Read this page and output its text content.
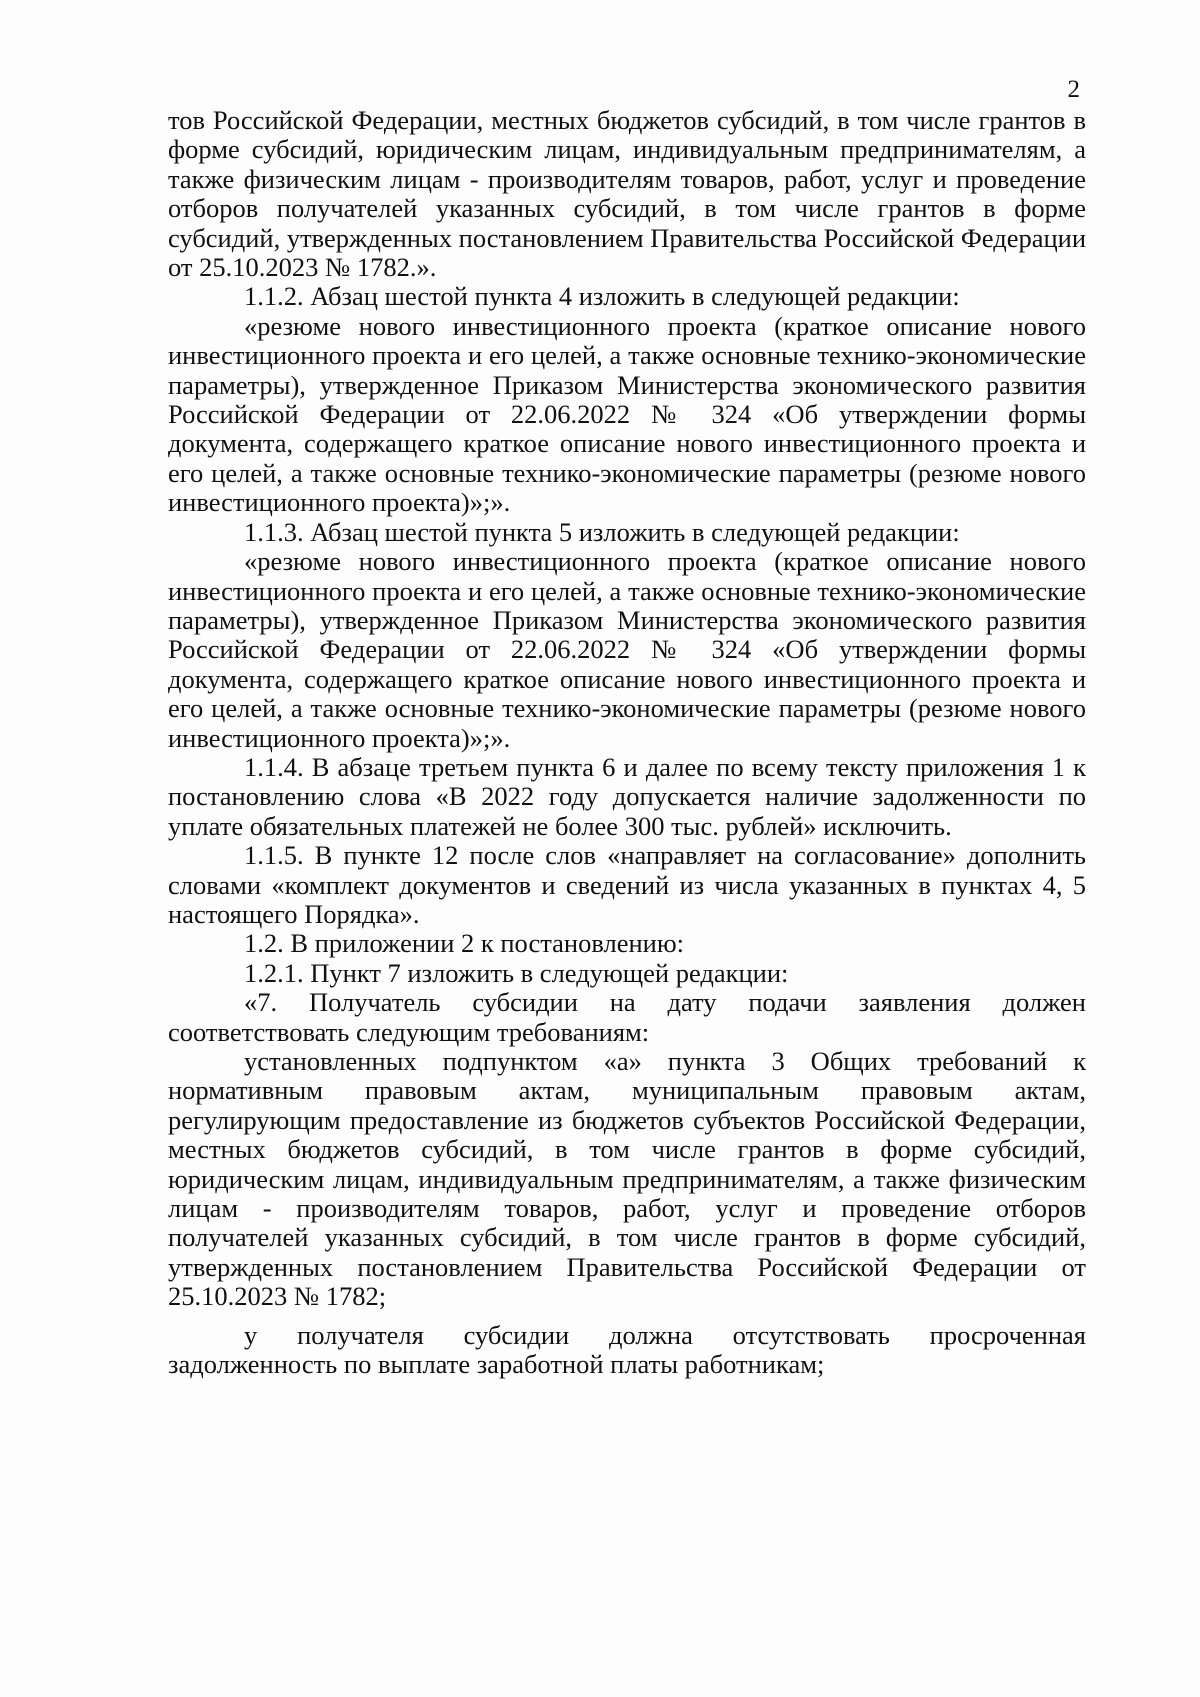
2

тов Российской Федерации, местных бюджетов субсидий, в том числе грантов в форме субсидий, юридическим лицам, индивидуальным предпринимателям, а также физическим лицам - производителям товаров, работ, услуг и проведение отборов получателей указанных субсидий, в том числе грантов в форме субсидий, утвержденных постановлением Правительства Российской Федерации от 25.10.2023 № 1782.».

1.1.2. Абзац шестой пункта 4 изложить в следующей редакции:

«резюме нового инвестиционного проекта (краткое описание нового инвестиционного проекта и его целей, а также основные технико-экономические параметры), утвержденное Приказом Министерства экономического развития Российской Федерации от 22.06.2022 № 324 «Об утверждении формы документа, содержащего краткое описание нового инвестиционного проекта и его целей, а также основные технико-экономические параметры (резюме нового инвестиционного проекта)»;».

1.1.3. Абзац шестой пункта 5 изложить в следующей редакции:

«резюме нового инвестиционного проекта (краткое описание нового инвестиционного проекта и его целей, а также основные технико-экономические параметры), утвержденное Приказом Министерства экономического развития Российской Федерации от 22.06.2022 № 324 «Об утверждении формы документа, содержащего краткое описание нового инвестиционного проекта и его целей, а также основные технико-экономические параметры (резюме нового инвестиционного проекта)»;».

1.1.4. В абзаце третьем пункта 6 и далее по всему тексту приложения 1 к постановлению слова «В 2022 году допускается наличие задолженности по уплате обязательных платежей не более 300 тыс. рублей» исключить.

1.1.5. В пункте 12 после слов «направляет на согласование» дополнить словами «комплект документов и сведений из числа указанных в пунктах 4, 5 настоящего Порядка».

1.2. В приложении 2 к постановлению:

1.2.1. Пункт 7 изложить в следующей редакции:

«7. Получатель субсидии на дату подачи заявления должен соответствовать следующим требованиям:

установленных подпунктом «а» пункта 3 Общих требований к нормативным правовым актам, муниципальным правовым актам, регулирующим предоставление из бюджетов субъектов Российской Федерации, местных бюджетов субсидий, в том числе грантов в форме субсидий, юридическим лицам, индивидуальным предпринимателям, а также физическим лицам - производителям товаров, работ, услуг и проведение отборов получателей указанных субсидий, в том числе грантов в форме субсидий, утвержденных постановлением Правительства Российской Федерации от 25.10.2023 № 1782;

у получателя субсидии должна отсутствовать просроченная задолженность по выплате заработной платы работникам;
